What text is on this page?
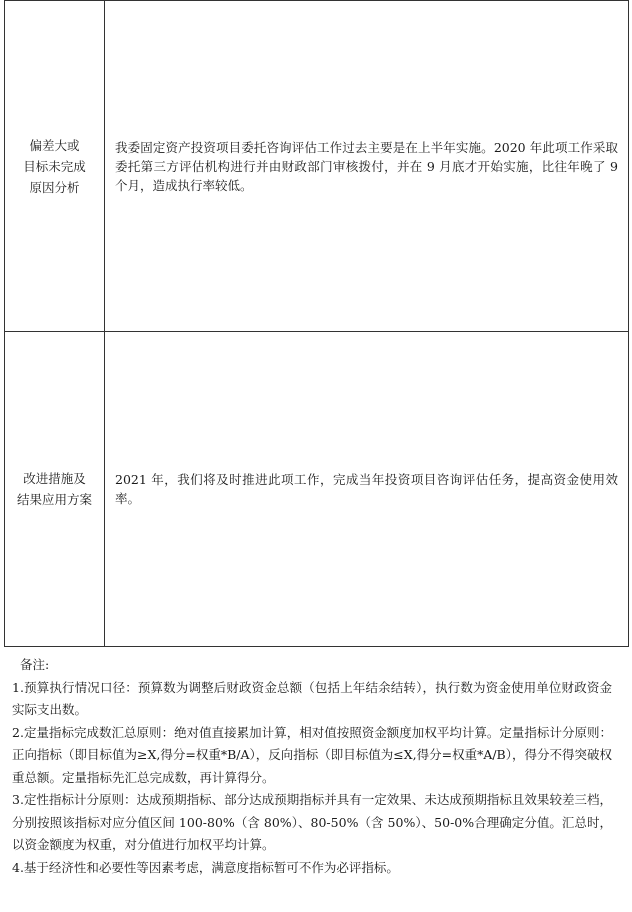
偏差大或
目标未完成
原因分析	我委固定资产投资项目委托咨询评估工作过去主要是在上半年实施。2020 年此项工作采取委托第三方评估机构进行并由财政部门审核拨付，并在 9 月底才开始实施，比往年晚了 9 个月，造成执行率较低。

改进措施及
结果应用方案	2021 年，我们将及时推进此项工作，完成当年投资项目咨询评估任务，提高资金使用效率。

备注:

1.预算执行情况口径：预算数为调整后财政资金总额（包括上年结余结转），执行数为资金使用单位财政资金实际支出数。

2.定量指标完成数汇总原则：绝对值直接累加计算，相对值按照资金额度加权平均计算。定量指标计分原则：正向指标（即目标值为≥X,得分=权重*B/A），反向指标（即目标值为≤X,得分=权重*A/B），得分不得突破权重总额。定量指标先汇总完成数，再计算得分。

3.定性指标计分原则：达成预期指标、部分达成预期指标并具有一定效果、未达成预期指标且效果较差三档，分别按照该指标对应分值区间 100-80%（含 80%）、80-50%（含 50%）、50-0%合理确定分值。汇总时，以资金额度为权重，对分值进行加权平均计算。

4.基于经济性和必要性等因素考虑，满意度指标暂可不作为必评指标。
